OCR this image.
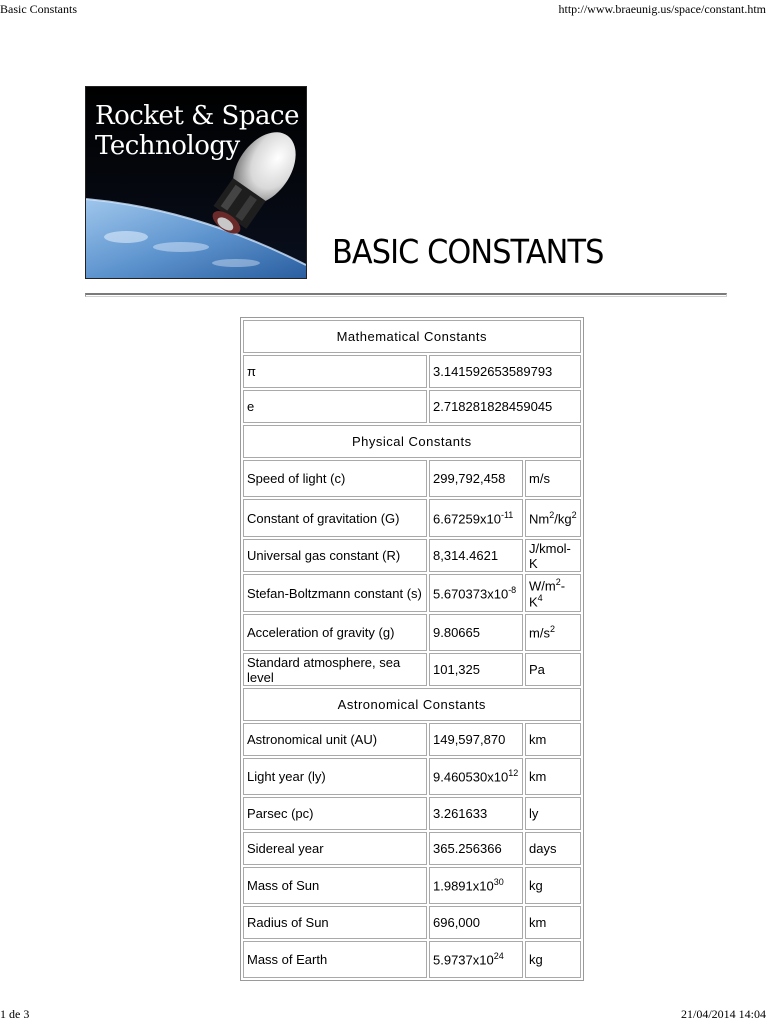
Basic Constants	http://www.braeunig.us/space/constant.htm
Rocket & Space
Technology
BASIC CONSTANTS
Mathematical Constants		
π	3.141592653589793	
e	2.718281828459045	
Physical Constants		
Speed of light (c)	299,792,458	m/s
Constant of gravitation (G)	$6.67259x10^{-11}$	$Nm^2/kg^2$
Universal gas constant (R)	8,314.4621	J/kmol-K
Stefan-Boltzmann constant (s)	$5.670373x10^{-8}$	$W/m^2-K^4$
Acceleration of gravity (g)	9.80665	$m/s^2$
Standard atmosphere, sea level	101,325	Pa
Astronomical Constants		
Astronomical unit (AU)	149,597,870	km
Light year (ly)	$9.460530x10^{12}$	km
Parsec (pc)	3.261633	ly
Sidereal year	365.256366	days
Mass of Sun	$1.9891x10^{30}$	kg
Radius of Sun	696,000	km
Mass of Earth	$5.9737x10^{24}$	kg
1 de 3	21/04/2014 14:04
